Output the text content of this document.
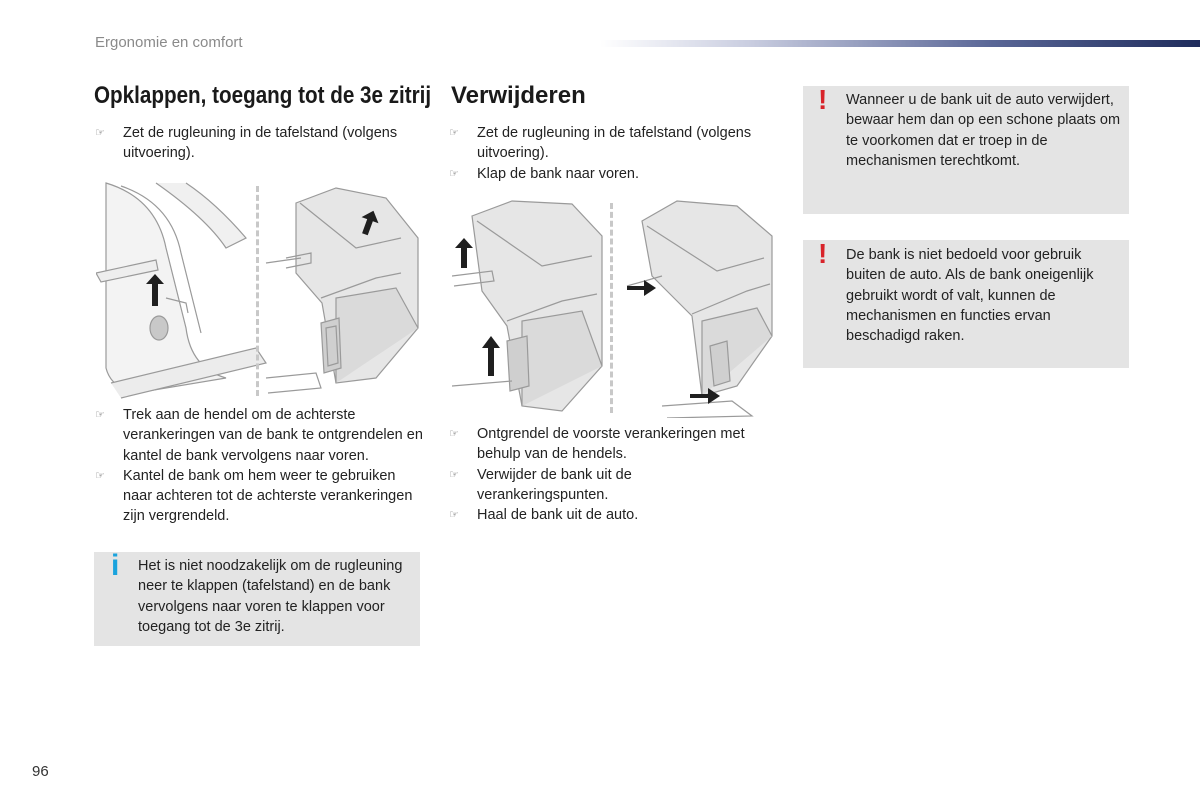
Ergonomie en comfort
Opklappen, toegang tot de 3e zitrij
☞ Zet de rugleuning in de tafelstand (volgens uitvoering).
☞ Trek aan de hendel om de achterste verankeringen van de bank te ontgrendelen en kantel de bank vervolgens naar voren.
☞ Kantel de bank om hem weer te gebruiken naar achteren tot de achterste verankeringen zijn vergrendeld.
i Het is niet noodzakelijk om de rugleuning neer te klappen (tafelstand) en de bank vervolgens naar voren te klappen voor toegang tot de 3e zitrij.
Verwijderen
☞ Zet de rugleuning in de tafelstand (volgens uitvoering).
☞ Klap de bank naar voren.
☞ Ontgrendel de voorste verankeringen met behulp van de hendels.
☞ Verwijder de bank uit de verankeringspunten.
☞ Haal de bank uit de auto.
! Wanneer u de bank uit de auto verwijdert, bewaar hem dan op een schone plaats om te voorkomen dat er troep in de mechanismen terechtkomt.
! De bank is niet bedoeld voor gebruik buiten de auto. Als de bank oneigenlijk gebruikt wordt of valt, kunnen de mechanismen en functies ervan beschadigd raken.
96
